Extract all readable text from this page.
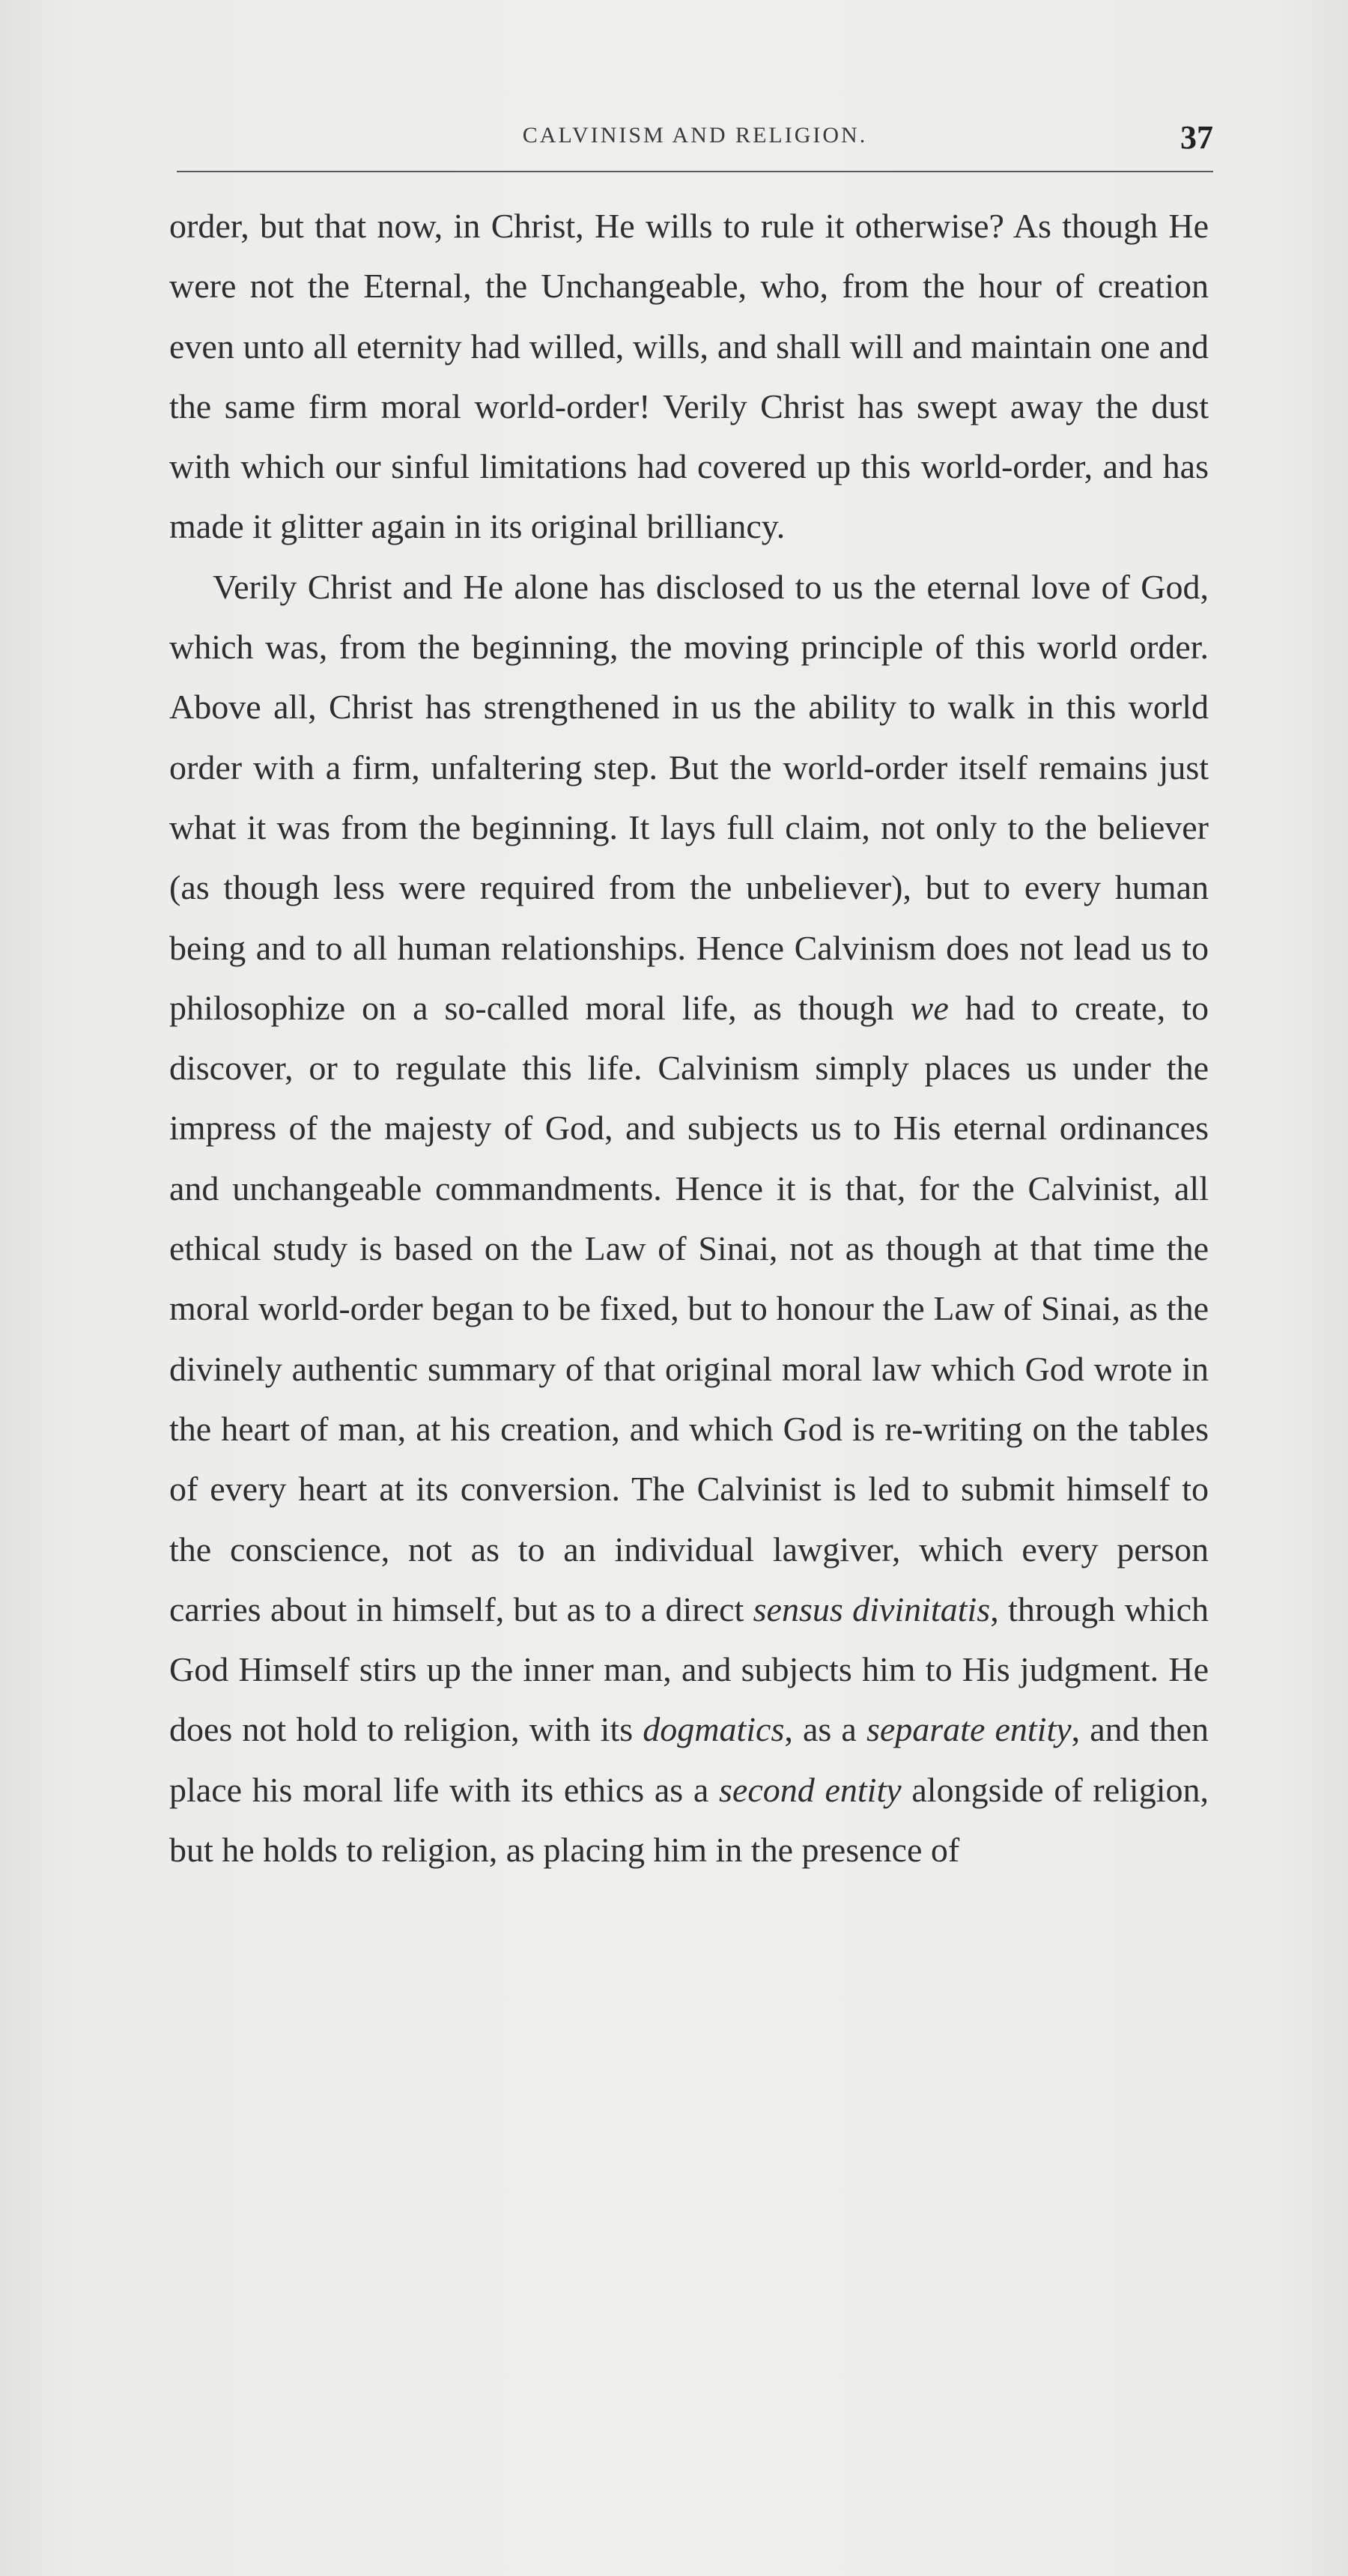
CALVINISM AND RELIGION.	37

order, but that now, in Christ, He wills to rule it otherwise? As though He were not the Eternal, the Unchangeable, who, from the hour of creation even unto all eternity had willed, wills, and shall will and maintain one and the same firm moral world-order! Verily Christ has swept away the dust with which our sinful limitations had covered up this world-order, and has made it glitter again in its original brilliancy.

Verily Christ and He alone has disclosed to us the eternal love of God, which was, from the beginning, the moving principle of this world order. Above all, Christ has strengthened in us the ability to walk in this world order with a firm, unfaltering step. But the world-order itself remains just what it was from the beginning. It lays full claim, not only to the believer (as though less were required from the unbeliever), but to every human being and to all human relationships. Hence Calvinism does not lead us to philosophize on a so-called moral life, as though we had to create, to discover, or to regulate this life. Calvinism simply places us under the impress of the majesty of God, and subjects us to His eternal ordinances and unchangeable commandments. Hence it is that, for the Calvinist, all ethical study is based on the Law of Sinai, not as though at that time the moral world-order began to be fixed, but to honour the Law of Sinai, as the divinely authentic summary of that original moral law which God wrote in the heart of man, at his creation, and which God is re-writing on the tables of every heart at its conversion. The Calvinist is led to submit himself to the conscience, not as to an individual lawgiver, which every person carries about in himself, but as to a direct sensus divinitatis, through which God Himself stirs up the inner man, and subjects him to His judgment. He does not hold to religion, with its dogmatics, as a separate entity, and then place his moral life with its ethics as a second entity alongside of religion, but he holds to religion, as placing him in the presence of
